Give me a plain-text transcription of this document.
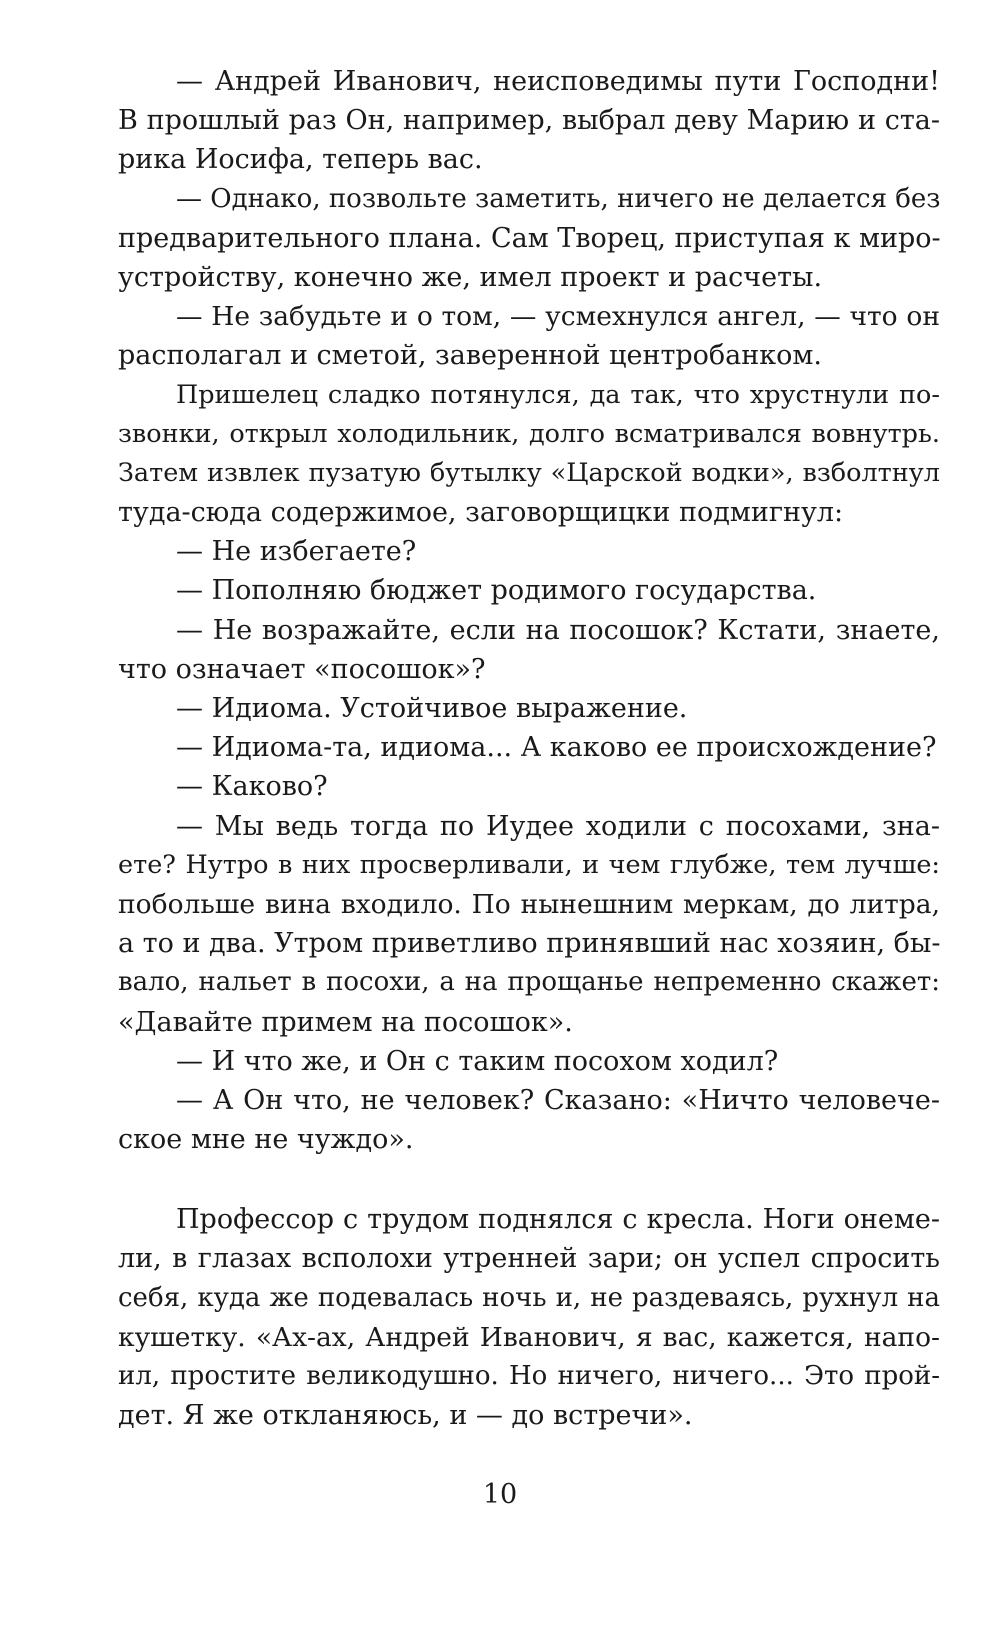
— Андрей Иванович, неисповедимы пути Господни!
В прошлый раз Он, например, выбрал деву Марию и ста-
рика Иосифа, теперь вас.
— Однако, позвольте заметить, ничего не делается без
предварительного плана. Сам Творец, приступая к миро-
устройству, конечно же, имел проект и расчеты.
— Не забудьте и о том, — усмехнулся ангел, — что он
располагал и сметой, заверенной центробанком.
Пришелец сладко потянулся, да так, что хрустнули по-
звонки, открыл холодильник, долго всматривался вовнутрь.
Затем извлек пузатую бутылку «Царской водки», взболтнул
туда-сюда содержимое, заговорщицки подмигнул:
— Не избегаете?
— Пополняю бюджет родимого государства.
— Не возражайте, если на посошок? Кстати, знаете,
что означает «посошок»?
— Идиома. Устойчивое выражение.
— Идиома-та, идиома... А каково ее происхождение?
— Каково?
— Мы ведь тогда по Иудее ходили с посохами, зна-
ете? Нутро в них просверливали, и чем глубже, тем лучше:
побольше вина входило. По нынешним меркам, до литра,
а то и два. Утром приветливо принявший нас хозяин, бы-
вало, нальет в посохи, а на прощанье непременно скажет:
«Давайте примем на посошок».
— И что же, и Он с таким посохом ходил?
— А Он что, не человек? Сказано: «Ничто человече-
ское мне не чуждо».
Профессор с трудом поднялся с кресла. Ноги онеме-
ли, в глазах всполохи утренней зари; он успел спросить
себя, куда же подевалась ночь и, не раздеваясь, рухнул на
кушетку. «Ах-ах, Андрей Иванович, я вас, кажется, напо-
ил, простите великодушно. Но ничего, ничего... Это прой-
дет. Я же откланяюсь, и — до встречи».
10
